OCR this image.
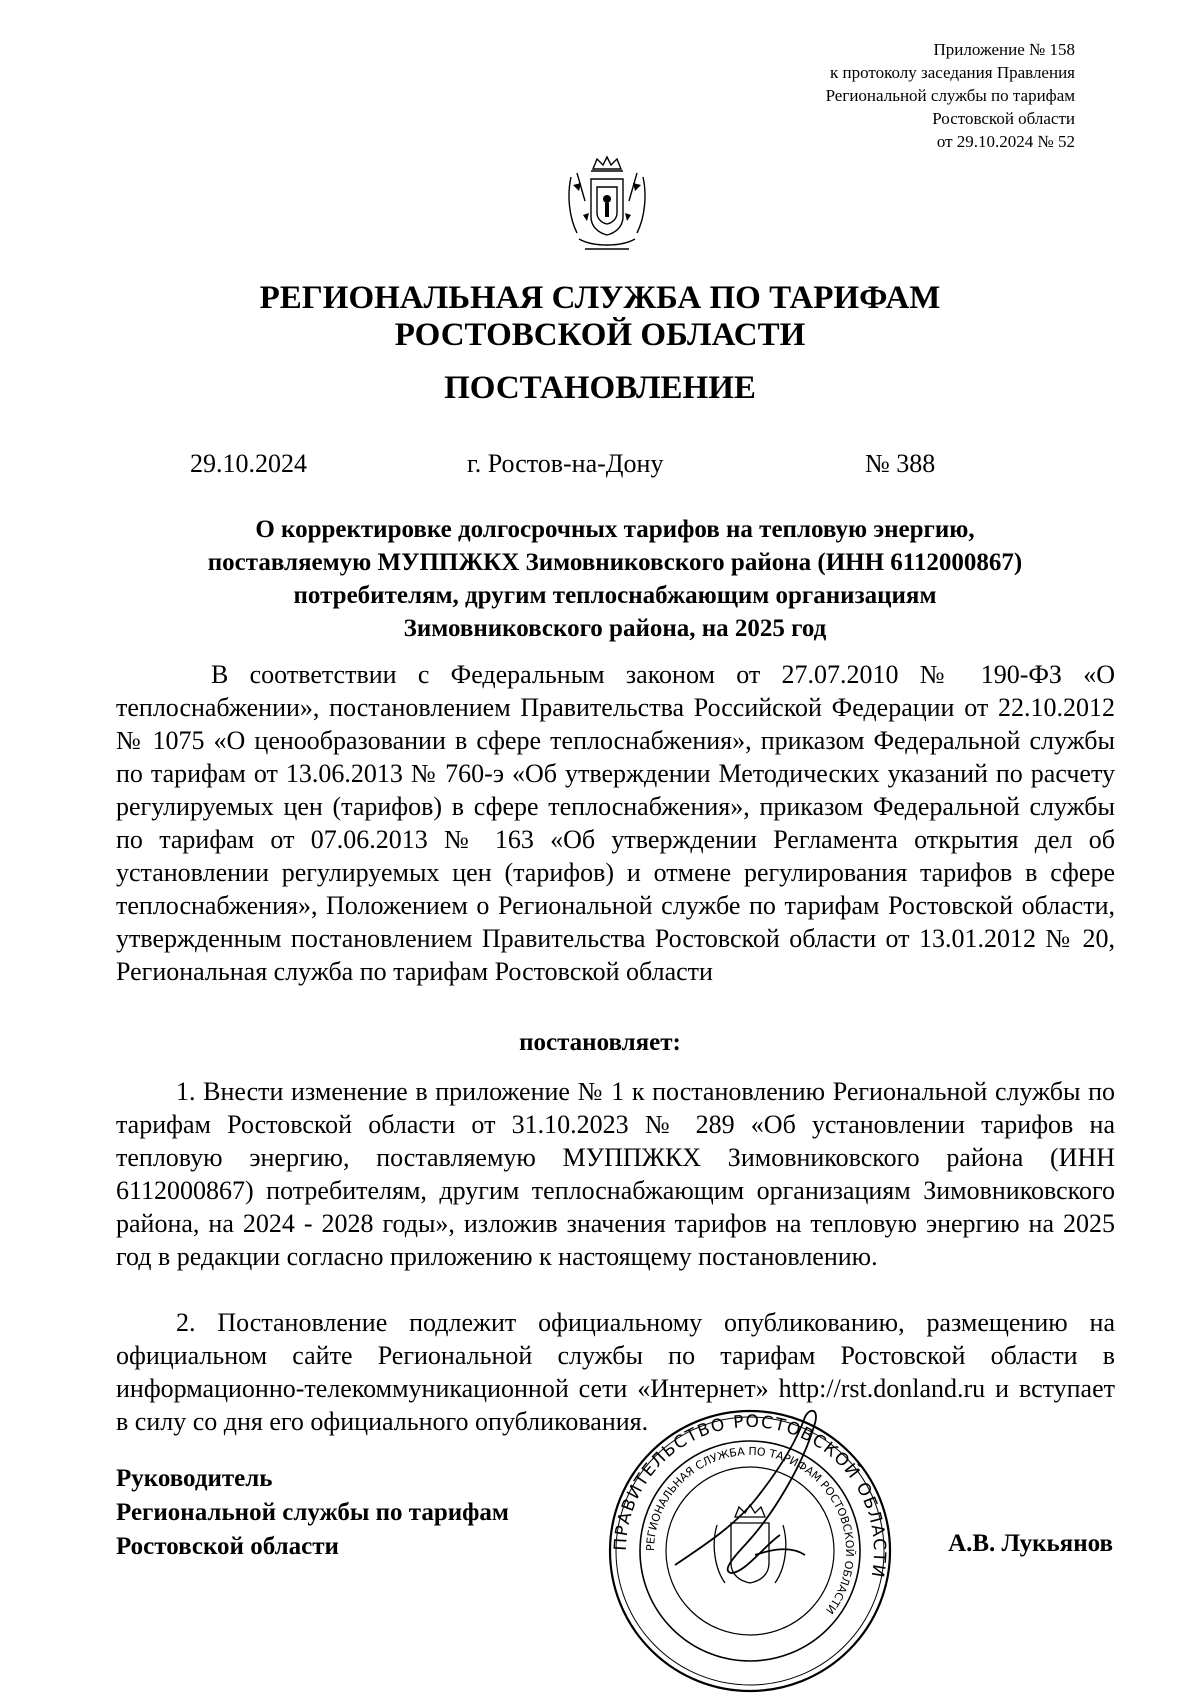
Приложение № 158
к протоколу заседания Правления
Региональной службы по тарифам
Ростовской области
от 29.10.2024 № 52
РЕГИОНАЛЬНАЯ СЛУЖБА ПО ТАРИФАМ
РОСТОВСКОЙ ОБЛАСТИ
ПОСТАНОВЛЕНИЕ
29.10.2024	г. Ростов-на-Дону	№ 388
О корректировке долгосрочных тарифов на тепловую энергию,
поставляемую МУППЖКХ Зимовниковского района (ИНН 6112000867)
потребителям, другим теплоснабжающим организациям
Зимовниковского района, на 2025 год

В соответствии с Федеральным законом от 27.07.2010 № 190-ФЗ «О теплоснабжении», постановлением Правительства Российской Федерации от 22.10.2012 № 1075 «О ценообразовании в сфере теплоснабжения», приказом Федеральной службы по тарифам от 13.06.2013 № 760-э «Об утверждении Методических указаний по расчету регулируемых цен (тарифов) в сфере теплоснабжения», приказом Федеральной службы по тарифам от 07.06.2013 № 163 «Об утверждении Регламента открытия дел об установлении регулируемых цен (тарифов) и отмене регулирования тарифов в сфере теплоснабжения», Положением о Региональной службе по тарифам Ростовской области, утвержденным постановлением Правительства Ростовской области от 13.01.2012 № 20, Региональная служба по тарифам Ростовской области

постановляет:

1. Внести изменение в приложение № 1 к постановлению Региональной службы по тарифам Ростовской области от 31.10.2023 № 289 «Об установлении тарифов на тепловую энергию, поставляемую МУППЖКХ Зимовниковского района (ИНН 6112000867) потребителям, другим теплоснабжающим организациям Зимовниковского района, на 2024 - 2028 годы», изложив значения тарифов на тепловую энергию на 2025 год в редакции согласно приложению к настоящему постановлению.

2. Постановление подлежит официальному опубликованию, размещению на официальном сайте Региональной службы по тарифам Ростовской области в информационно-телекоммуникационной сети «Интернет» http://rst.donland.ru и вступает в силу со дня его официального опубликования.

Руководитель
Региональной службы по тарифам
Ростовской области	ПРАВИТЕЛЬСТВО РОСТОВСКОЙ ОБЛАСТИ
РЕГИОНАЛЬНАЯ СЛУЖБА ПО ТАРИФАМ РОСТОВСКОЙ ОБЛАСТИ
А.В. Лукьянов
